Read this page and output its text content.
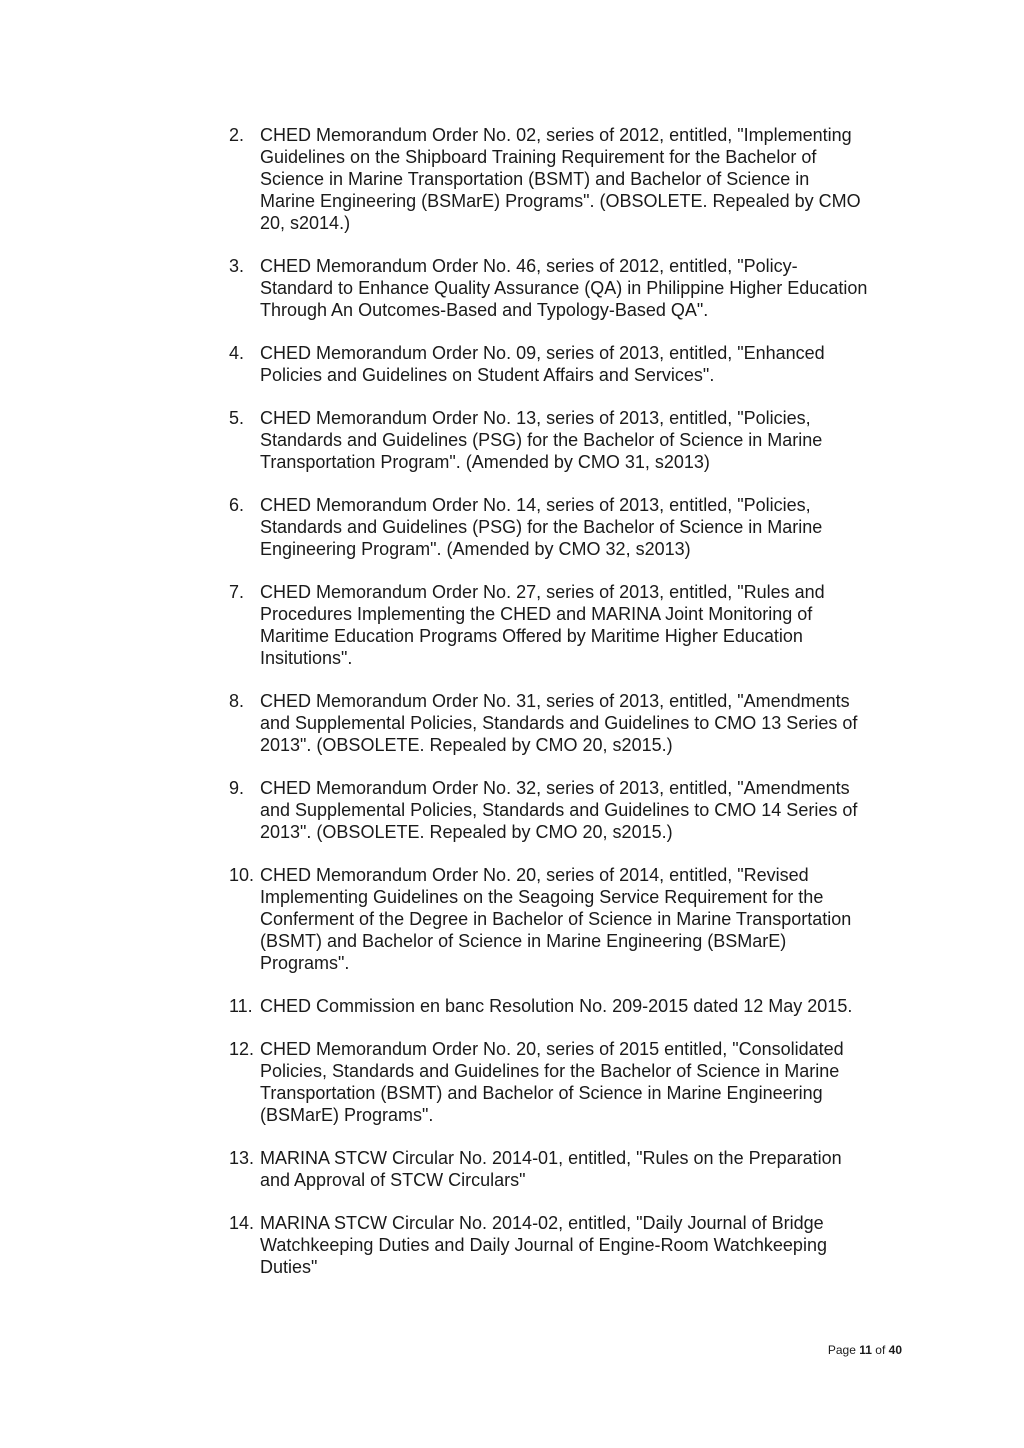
2. CHED Memorandum Order No. 02, series of 2012, entitled, "Implementing
Guidelines on the Shipboard Training Requirement for the Bachelor of
Science in Marine Transportation (BSMT) and Bachelor of Science in
Marine Engineering (BSMarE) Programs". (OBSOLETE. Repealed by CMO
20, s2014.)
3. CHED Memorandum Order No. 46, series of 2012, entitled, "Policy-
Standard to Enhance Quality Assurance (QA) in Philippine Higher Education
Through An Outcomes-Based and Typology-Based QA".
4. CHED Memorandum Order No. 09, series of 2013, entitled, "Enhanced
Policies and Guidelines on Student Affairs and Services".
5. CHED Memorandum Order No. 13, series of 2013, entitled, "Policies,
Standards and Guidelines (PSG) for the Bachelor of Science in Marine
Transportation Program". (Amended by CMO 31, s2013)
6. CHED Memorandum Order No. 14, series of 2013, entitled, "Policies,
Standards and Guidelines (PSG) for the Bachelor of Science in Marine
Engineering Program". (Amended by CMO 32, s2013)
7. CHED Memorandum Order No. 27, series of 2013, entitled, "Rules and
Procedures Implementing the CHED and MARINA Joint Monitoring of
Maritime Education Programs Offered by Maritime Higher Education
Insitutions".
8. CHED Memorandum Order No. 31, series of 2013, entitled, "Amendments
and Supplemental Policies, Standards and Guidelines to CMO 13 Series of
2013". (OBSOLETE. Repealed by CMO 20, s2015.)
9. CHED Memorandum Order No. 32, series of 2013, entitled, "Amendments
and Supplemental Policies, Standards and Guidelines to CMO 14 Series of
2013". (OBSOLETE. Repealed by CMO 20, s2015.)
10. CHED Memorandum Order No. 20, series of 2014, entitled, "Revised
Implementing Guidelines on the Seagoing Service Requirement for the
Conferment of the Degree in Bachelor of Science in Marine Transportation
(BSMT) and Bachelor of Science in Marine Engineering (BSMarE)
Programs".
11. CHED Commission en banc Resolution No. 209-2015 dated 12 May 2015.
12. CHED Memorandum Order No. 20, series of 2015 entitled, "Consolidated
Policies, Standards and Guidelines for the Bachelor of Science in Marine
Transportation (BSMT) and Bachelor of Science in Marine Engineering
(BSMarE) Programs".
13. MARINA STCW Circular No. 2014-01, entitled, "Rules on the Preparation
and Approval of STCW Circulars"
14. MARINA STCW Circular No. 2014-02, entitled, "Daily Journal of Bridge
Watchkeeping Duties and Daily Journal of Engine-Room Watchkeeping
Duties"
Page 11 of 40
